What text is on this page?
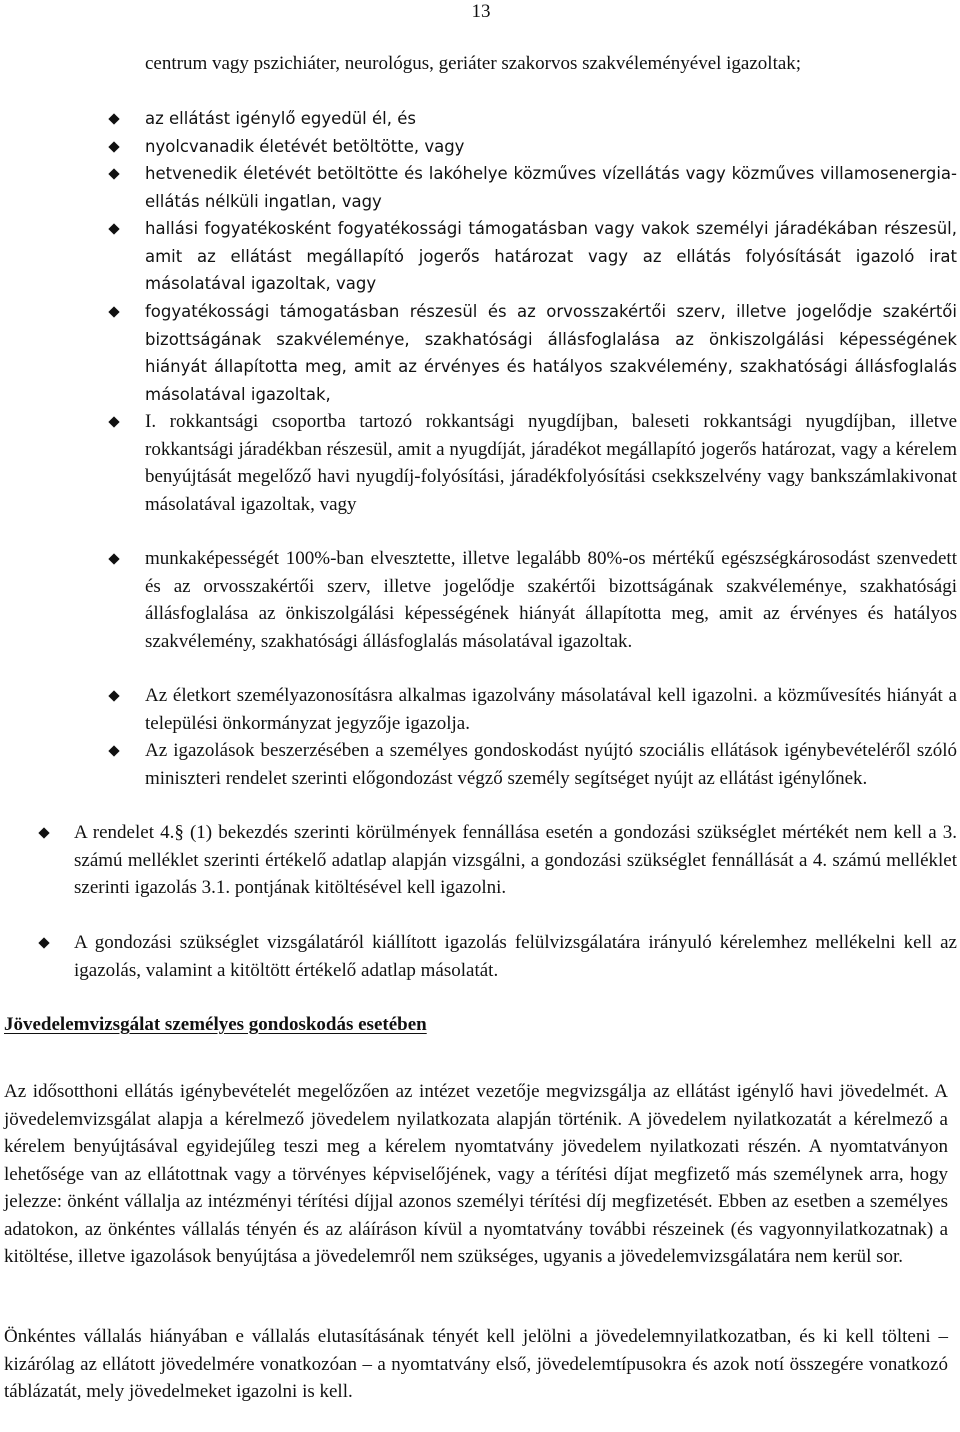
13

centrum vagy pszichiáter, neurológus, geriáter szakorvos szakvéleményével igazoltak;

az ellátást igénylő egyedül él, és

nyolcvanadik életévét betöltötte, vagy

hetvenedik életévét betöltötte és lakóhelye közműves vízellátás vagy közműves villamosenergia-ellátás nélküli ingatlan, vagy

hallási fogyatékosként fogyatékossági támogatásban vagy vakok személyi járadékában részesül, amit az ellátást megállapító jogerős határozat vagy az ellátás folyósítását igazoló irat másolatával igazoltak, vagy

fogyatékossági támogatásban részesül és az orvosszakértői szerv, illetve jogelődje szakértői bizottságának szakvéleménye, szakhatósági állásfoglalása az önkiszolgálási képességének hiányát állapította meg, amit az érvényes és hatályos szakvélemény, szakhatósági állásfoglalás másolatával igazoltak,

I. rokkantsági csoportba tartozó rokkantsági nyugdíjban, baleseti rokkantsági nyugdíjban, illetve rokkantsági járadékban részesül, amit a nyugdíját, járadékot megállapító jogerős határozat, vagy a kérelem benyújtását megelőző havi nyugdíj-folyósítási, járadékfolyósítási csekkszelvény vagy bankszámlakivonat másolatával igazoltak, vagy

munkaképességét 100%-ban elvesztette, illetve legalább 80%-os mértékű egészségkárosodást szenvedett és az orvosszakértői szerv, illetve jogelődje szakértői bizottságának szakvéleménye, szakhatósági állásfoglalása az önkiszolgálási képességének hiányát állapította meg, amit az érvényes és hatályos szakvélemény, szakhatósági állásfoglalás másolatával igazoltak.

Az életkort személyazonosításra alkalmas igazolvány másolatával kell igazolni. a közművesítés hiányát a települési önkormányzat jegyzője igazolja.

Az igazolások beszerzésében a személyes gondoskodást nyújtó szociális ellátások igénybevételéről szóló miniszteri rendelet szerinti előgondozást végző személy segítséget nyújt az ellátást igénylőnek.

A rendelet 4.§ (1) bekezdés szerinti körülmények fennállása esetén a gondozási szükséglet mértékét nem kell a 3. számú melléklet szerinti értékelő adatlap alapján vizsgálni, a gondozási szükséglet fennállását a 4. számú melléklet szerinti igazolás 3.1. pontjának kitöltésével kell igazolni.

A gondozási szükséglet vizsgálatáról kiállított igazolás felülvizsgálatára irányuló kérelemhez mellékelni kell az igazolás, valamint a kitöltött értékelő adatlap másolatát.

Jövedelemvizsgálat személyes gondoskodás esetében

Az idősotthoni ellátás igénybevételét megelőzően az intézet vezetője megvizsgálja az ellátást igénylő havi jövedelmét. A jövedelemvizsgálat alapja a kérelmező jövedelem nyilatkozata alapján történik. A jövedelem nyilatkozatát a kérelmező a kérelem benyújtásával egyidejűleg teszi meg a kérelem nyomtatvány jövedelem nyilatkozati részén. A nyomtatványon lehetősége van az ellátottnak vagy a törvényes képviselőjének, vagy a térítési díjat megfizető más személynek arra, hogy jelezze: önként vállalja az intézményi térítési díjjal azonos személyi térítési díj megfizetését. Ebben az esetben a személyes adatokon, az önkéntes vállalás tényén és az aláíráson kívül a nyomtatvány további részeinek (és vagyonnyilatkozatnak) a kitöltése, illetve igazolások benyújtása a jövedelemről nem szükséges, ugyanis a jövedelemvizsgálatára nem kerül sor.

Önkéntes vállalás hiányában e vállalás elutasításának tényét kell jelölni a jövedelemnyilatkozatban, és ki kell tölteni – kizárólag az ellátott jövedelmére vonatkozóan – a nyomtatvány első, jövedelemtípusokra és azok notí összegére vonatkozó táblázatát, mely jövedelmeket igazolni is kell.
